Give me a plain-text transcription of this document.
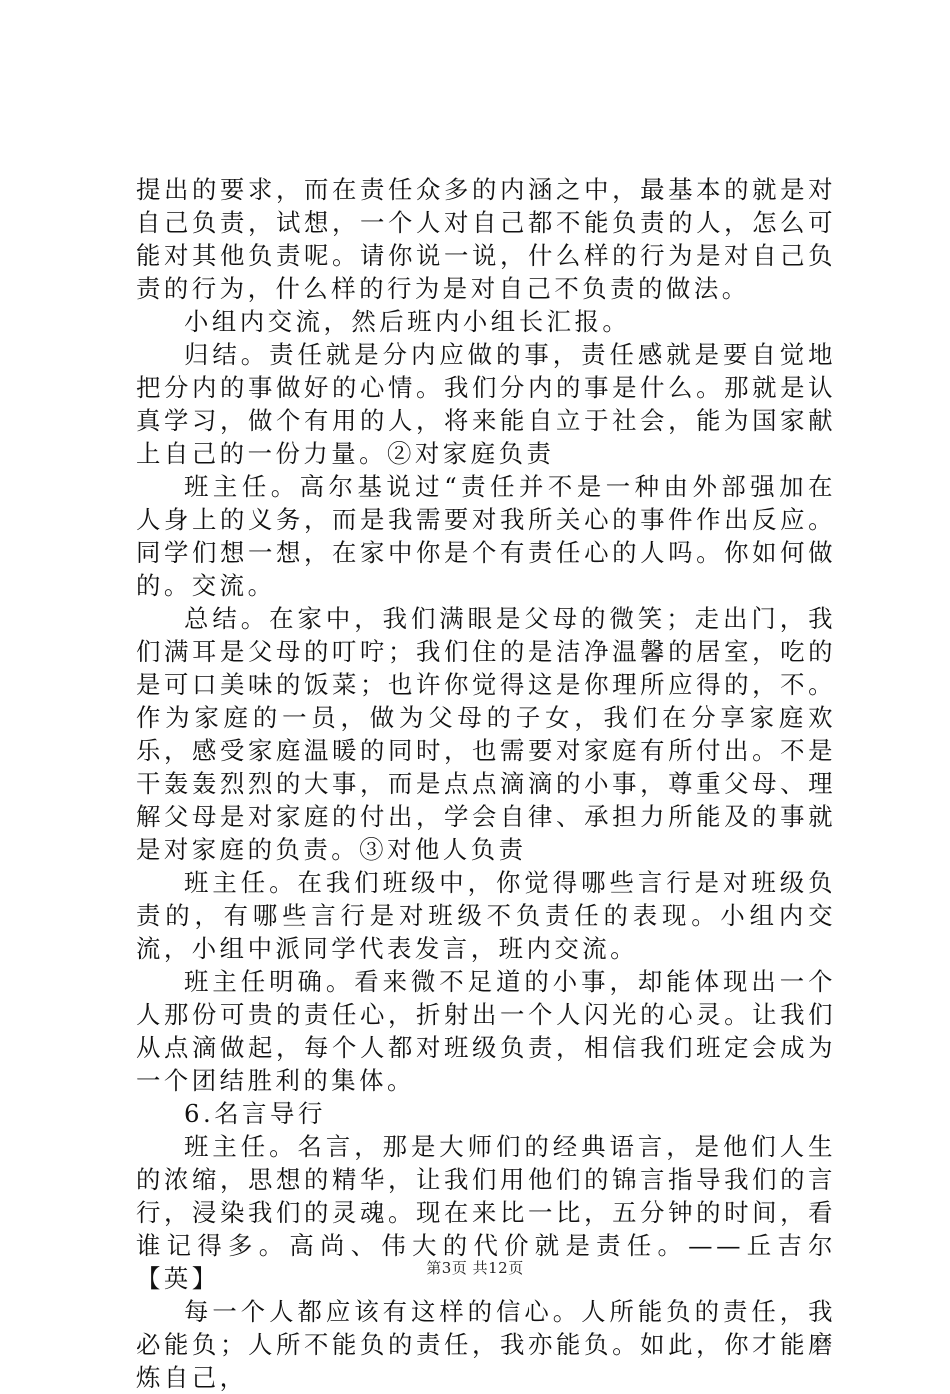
提出的要求，而在责任众多的内涵之中，最基本的就是对自己负责，试想，一个人对自己都不能负责的人，怎么可能对其他负责呢。请你说一说，什么样的行为是对自己负责的行为，什么样的行为是对自己不负责的做法。

小组内交流，然后班内小组长汇报。

归结。责任就是分内应做的事，责任感就是要自觉地把分内的事做好的心情。我们分内的事是什么。那就是认真学习，做个有用的人，将来能自立于社会，能为国家献上自己的一份力量。②对家庭负责

班主任。高尔基说过“责任并不是一种由外部强加在人身上的义务，而是我需要对我所关心的事件作出反应。同学们想一想，在家中你是个有责任心的人吗。你如何做的。交流。

总结。在家中，我们满眼是父母的微笑；走出门，我们满耳是父母的叮咛；我们住的是洁净温馨的居室，吃的是可口美味的饭菜；也许你觉得这是你理所应得的，不。作为家庭的一员，做为父母的子女，我们在分享家庭欢乐，感受家庭温暖的同时，也需要对家庭有所付出。不是干轰轰烈烈的大事，而是点点滴滴的小事，尊重父母、理解父母是对家庭的付出，学会自律、承担力所能及的事就是对家庭的负责。③对他人负责

班主任。在我们班级中，你觉得哪些言行是对班级负责的，有哪些言行是对班级不负责任的表现。小组内交流，小组中派同学代表发言，班内交流。

班主任明确。看来微不足道的小事，却能体现出一个人那份可贵的责任心，折射出一个人闪光的心灵。让我们从点滴做起，每个人都对班级负责，相信我们班定会成为一个团结胜利的集体。

6.名言导行

班主任。名言，那是大师们的经典语言，是他们人生的浓缩，思想的精华，让我们用他们的锦言指导我们的言行，浸染我们的灵魂。现在来比一比，五分钟的时间，看谁记得多。高尚、伟大的代价就是责任。——丘吉尔【英】

每一个人都应该有这样的信心。人所能负的责任，我必能负；人所不能负的责任，我亦能负。如此，你才能磨炼自己，

第3页 共12页
